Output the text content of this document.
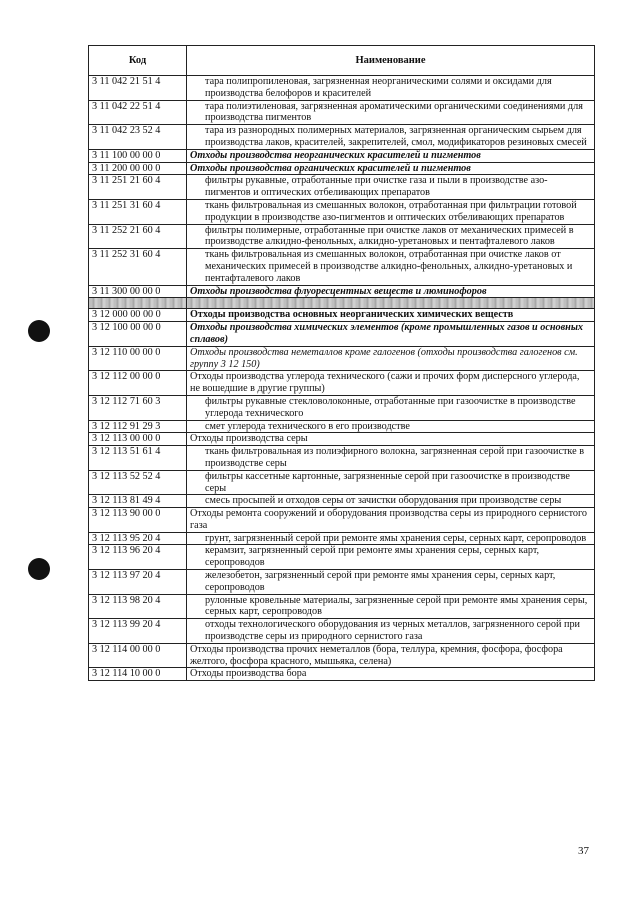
Код	Наименование
3 11 042 21 51 4	тара полипропиленовая, загрязненная неорганическими солями и оксидами для производства белофоров и красителей
3 11 042 22 51 4	тара полиэтиленовая, загрязненная ароматическими органическими соединениями для производства пигментов
3 11 042 23 52 4	тара из разнородных полимерных материалов, загрязненная органическим сырьем для производства лаков, красителей, закрепителей, смол, модификаторов резиновых смесей
3 11 100 00 00 0	Отходы производства неорганических красителей и пигментов
3 11 200 00 00 0	Отходы производства органических красителей и пигментов
3 11 251 21 60 4	фильтры рукавные, отработанные при очистке газа и пыли в производстве азо-пигментов и оптических отбеливающих препаратов
3 11 251 31 60 4	ткань фильтровальная из смешанных волокон, отработанная при фильтрации готовой продукции в производстве азо-пигментов и оптических отбеливающих препаратов
3 11 252 21 60 4	фильтры полимерные, отработанные при очистке лаков от механических примесей в производстве алкидно-фенольных, алкидно-уретановых и пентафталевого лаков
3 11 252 31 60 4	ткань фильтровальная из смешанных волокон, отработанная при очистке лаков от механических примесей в производстве алкидно-фенольных, алкидно-уретановых и пентафталевого лаков
3 11 300 00 00 0	Отходы производства флуоресцентных веществ и люминофоров

3 12 000 00 00 0	Отходы производства основных неорганических химических веществ
3 12 100 00 00 0	Отходы производства химических элементов (кроме промышленных газов и основных сплавов)
3 12 110 00 00 0	Отходы производства неметаллов кроме галогенов (отходы производства галогенов см. группу 3 12 150)
3 12 112 00 00 0	Отходы производства углерода технического (сажи и прочих форм дисперсного углерода, не вошедшие в другие группы)
3 12 112 71 60 3	фильтры рукавные стекловолоконные, отработанные при газоочистке в производстве углерода технического
3 12 112 91 29 3	смет углерода технического в его производстве
3 12 113 00 00 0	Отходы производства серы
3 12 113 51 61 4	ткань фильтровальная из полиэфирного волокна, загрязненная серой при газоочистке в производстве серы
3 12 113 52 52 4	фильтры кассетные картонные, загрязненные серой при газоочистке в производстве серы
3 12 113 81 49 4	смесь просыпей и отходов серы от зачистки оборудования при производстве серы
3 12 113 90 00 0	Отходы ремонта сооружений и оборудования производства серы из природного сернистого газа
3 12 113 95 20 4	грунт, загрязненный серой при ремонте ямы хранения серы, серных карт, серопроводов
3 12 113 96 20 4	керамзит, загрязненный серой при ремонте ямы хранения серы, серных карт, серопроводов
3 12 113 97 20 4	железобетон, загрязненный серой при ремонте ямы хранения серы, серных карт, серопроводов
3 12 113 98 20 4	рулонные кровельные материалы, загрязненные серой при ремонте ямы хранения серы, серных карт, серопроводов
3 12 113 99 20 4	отходы технологического оборудования из черных металлов, загрязненного серой при производстве серы из природного сернистого газа
3 12 114 00 00 0	Отходы производства прочих неметаллов (бора, теллура, кремния, фосфора, фосфора желтого, фосфора красного, мышьяка, селена)
3 12 114 10 00 0	Отходы производства бора
37
